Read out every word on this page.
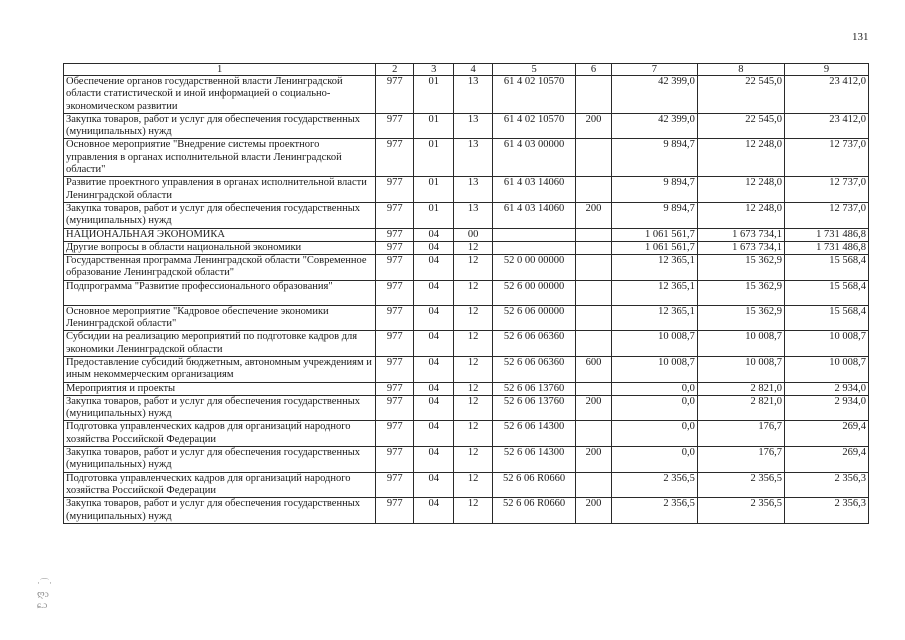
131
1	2	3	4	5	6	7	8	9
Обеспечение органов государственной власти Ленинградской области статистической и иной информацией о социально-экономическом развитии	977	01	13	61 4 02 10570		42 399,0	22 545,0	23 412,0
Закупка товаров, работ и услуг для обеспечения государственных (муниципальных) нужд	977	01	13	61 4 02 10570	200	42 399,0	22 545,0	23 412,0
Основное мероприятие "Внедрение системы проектного управления в органах исполнительной власти Ленинградской области"	977	01	13	61 4 03 00000		9 894,7	12 248,0	12 737,0
Развитие проектного управления в органах исполнительной власти Ленинградской области	977	01	13	61 4 03 14060		9 894,7	12 248,0	12 737,0
Закупка товаров, работ и услуг для обеспечения государственных (муниципальных) нужд	977	01	13	61 4 03 14060	200	9 894,7	12 248,0	12 737,0
НАЦИОНАЛЬНАЯ ЭКОНОМИКА	977	04	00			1 061 561,7	1 673 734,1	1 731 486,8
Другие вопросы в области национальной экономики	977	04	12			1 061 561,7	1 673 734,1	1 731 486,8
Государственная программа Ленинградской области "Современное образование Ленинградской области"	977	04	12	52 0 00 00000		12 365,1	15 362,9	15 568,4
Подпрограмма "Развитие профессионального образования"	977	04	12	52 6 00 00000		12 365,1	15 362,9	15 568,4
Основное мероприятие "Кадровое обеспечение экономики Ленинградской области"	977	04	12	52 6 06 00000		12 365,1	15 362,9	15 568,4
Субсидии на реализацию мероприятий по подготовке кадров для экономики Ленинградской области	977	04	12	52 6 06 06360		10 008,7	10 008,7	10 008,7
Предоставление субсидий бюджетным, автономным учреждениям и иным некоммерческим организациям	977	04	12	52 6 06 06360	600	10 008,7	10 008,7	10 008,7
Мероприятия и проекты	977	04	12	52 6 06 13760		0,0	2 821,0	2 934,0
Закупка товаров, работ и услуг для обеспечения государственных (муниципальных) нужд	977	04	12	52 6 06 13760	200	0,0	2 821,0	2 934,0
Подготовка управленческих кадров для организаций народного хозяйства Российской Федерации	977	04	12	52 6 06 14300		0,0	176,7	269,4
Закупка товаров, работ и услуг для обеспечения государственных (муниципальных) нужд	977	04	12	52 6 06 14300	200	0,0	176,7	269,4
Подготовка управленческих кадров для организаций народного хозяйства Российской Федерации	977	04	12	52 6 06 R0660		2 356,5	2 356,5	2 356,3
Закупка товаров, работ и услуг для обеспечения государственных (муниципальных) нужд	977	04	12	52 6 06 R0660	200	2 356,5	2 356,5	2 356,3
·⌒·
ღɔ
ɕ.ɔ
